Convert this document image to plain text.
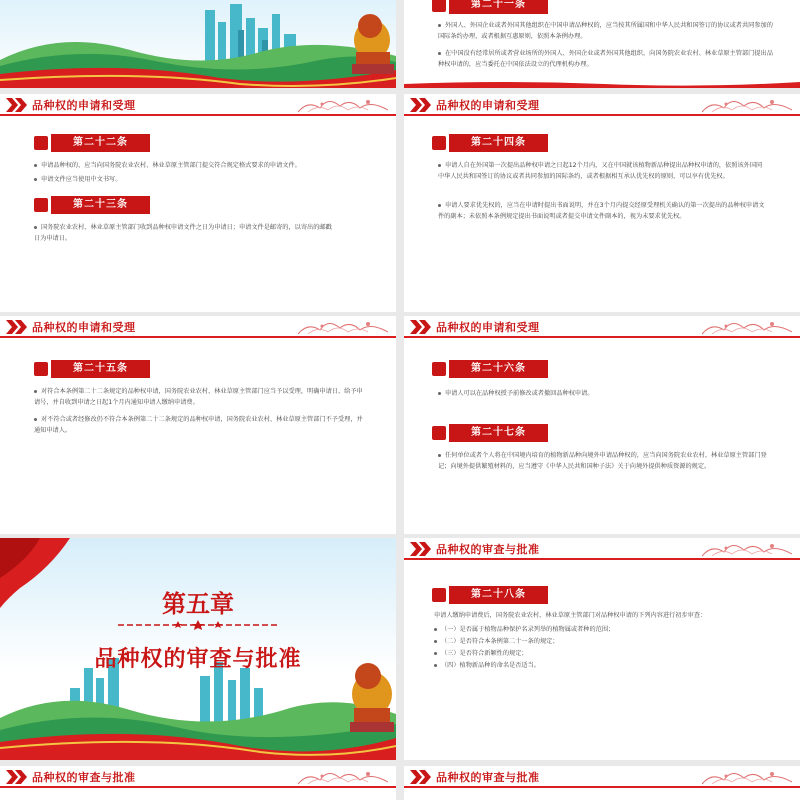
第二十一条
外国人、外国企业或者外国其他组织在中国申请品种权的，应当按其所属国和中华人民共和国签订的协议或者共同参加的国际条约办理，或者根据互惠原则，依照本条例办理。
在中国没有经常居所或者营业场所的外国人、外国企业或者外国其他组织，向国务院农业农村、林业草原主管部门提出品种权申请的，应当委托在中国依法设立的代理机构办理。
品种权的申请和受理
第二十二条
申请品种权的，应当向国务院农业农村、林业草原主管部门提交符合规定格式要求的申请文件。
申请文件应当使用中文书写。
第二十三条
国务院农业农村、林业草原主管部门收到品种权申请文件之日为申请日；申请文件是邮寄的，以寄出的邮戳日为申请日。
品种权的申请和受理
第二十四条
申请人自在外国第一次提出品种权申请之日起12个月内，又在中国就该植物新品种提出品种权申请的，依照该外国同中华人民共和国签订的协议或者共同参加的国际条约，或者根据相互承认优先权的原则，可以享有优先权。
申请人要求优先权的，应当在申请时提出书面说明，并在3个月内提交经原受理机关确认的第一次提出的品种权申请文件的副本；未依照本条例规定提出书面说明或者提交申请文件副本的，视为未要求优先权。
品种权的申请和受理
第二十五条
对符合本条例第二十二条规定的品种权申请，国务院农业农村、林业草原主管部门应当予以受理，明确申请日、给予申请号，并自收到申请之日起1个月内通知申请人缴纳申请费。
对不符合或者经修改仍不符合本条例第二十二条规定的品种权申请，国务院农业农村、林业草原主管部门不予受理，并通知申请人。
品种权的申请和受理
第二十六条
申请人可以在品种权授予前修改或者撤回品种权申请。
第二十七条
任何单位或者个人将在中国境内培育的植物新品种向境外申请品种权的，应当向国务院农业农村、林业草原主管部门登记；向境外提供繁殖材料的，应当遵守《中华人民共和国种子法》关于向境外提供种质资源的规定。
第五章
品种权的审查与批准
品种权的审查与批准
第二十八条
申请人缴纳申请费后，国务院农业农村、林业草原主管部门对品种权申请的下列内容进行初步审查：
（一）是否属于植物品种保护名录列举的植物属或者种的范围；
（二）是否符合本条例第二十一条的规定；
（三）是否符合新颖性的规定；
（四）植物新品种的命名是否适当。
品种权的审查与批准	品种权的审查与批准
